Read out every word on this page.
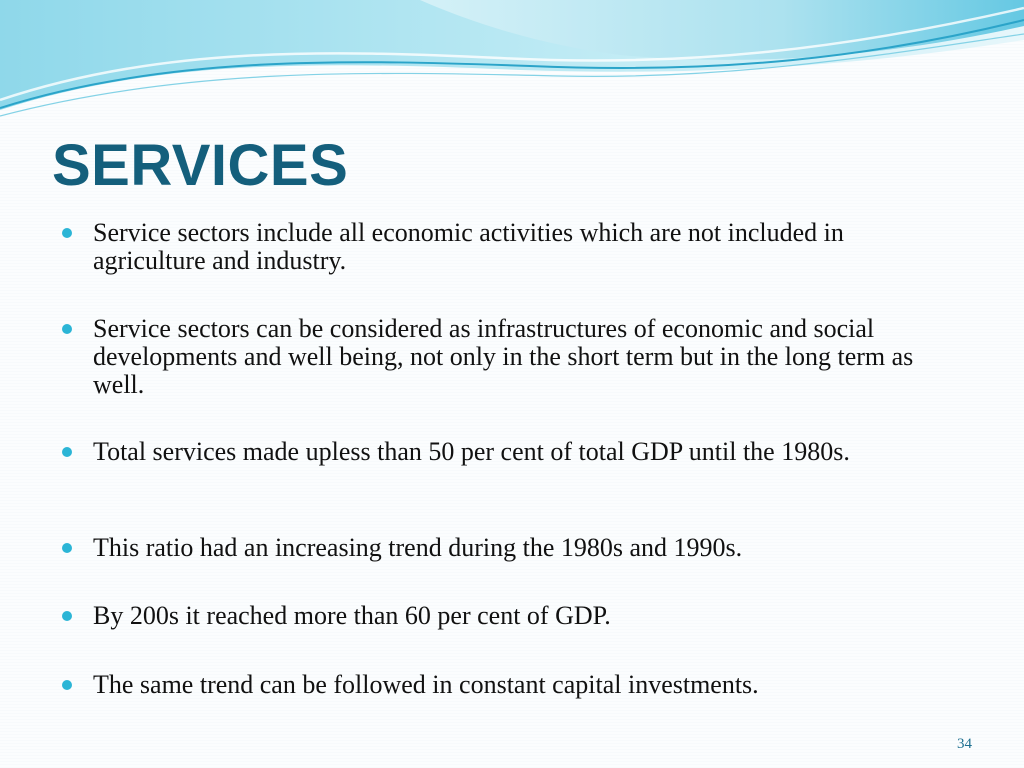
SERVICES
Service sectors include all economic activities which are not included in agriculture and industry.
Service sectors can be considered as infrastructures of economic and social developments and well being, not only in the short term but in the long term as well.
Total services made upless than 50 per cent of total GDP until the 1980s.
This ratio had an increasing trend during the 1980s and 1990s.
By 200s it reached more than 60 per cent of GDP.
The same trend can be followed in constant capital investments.
34
